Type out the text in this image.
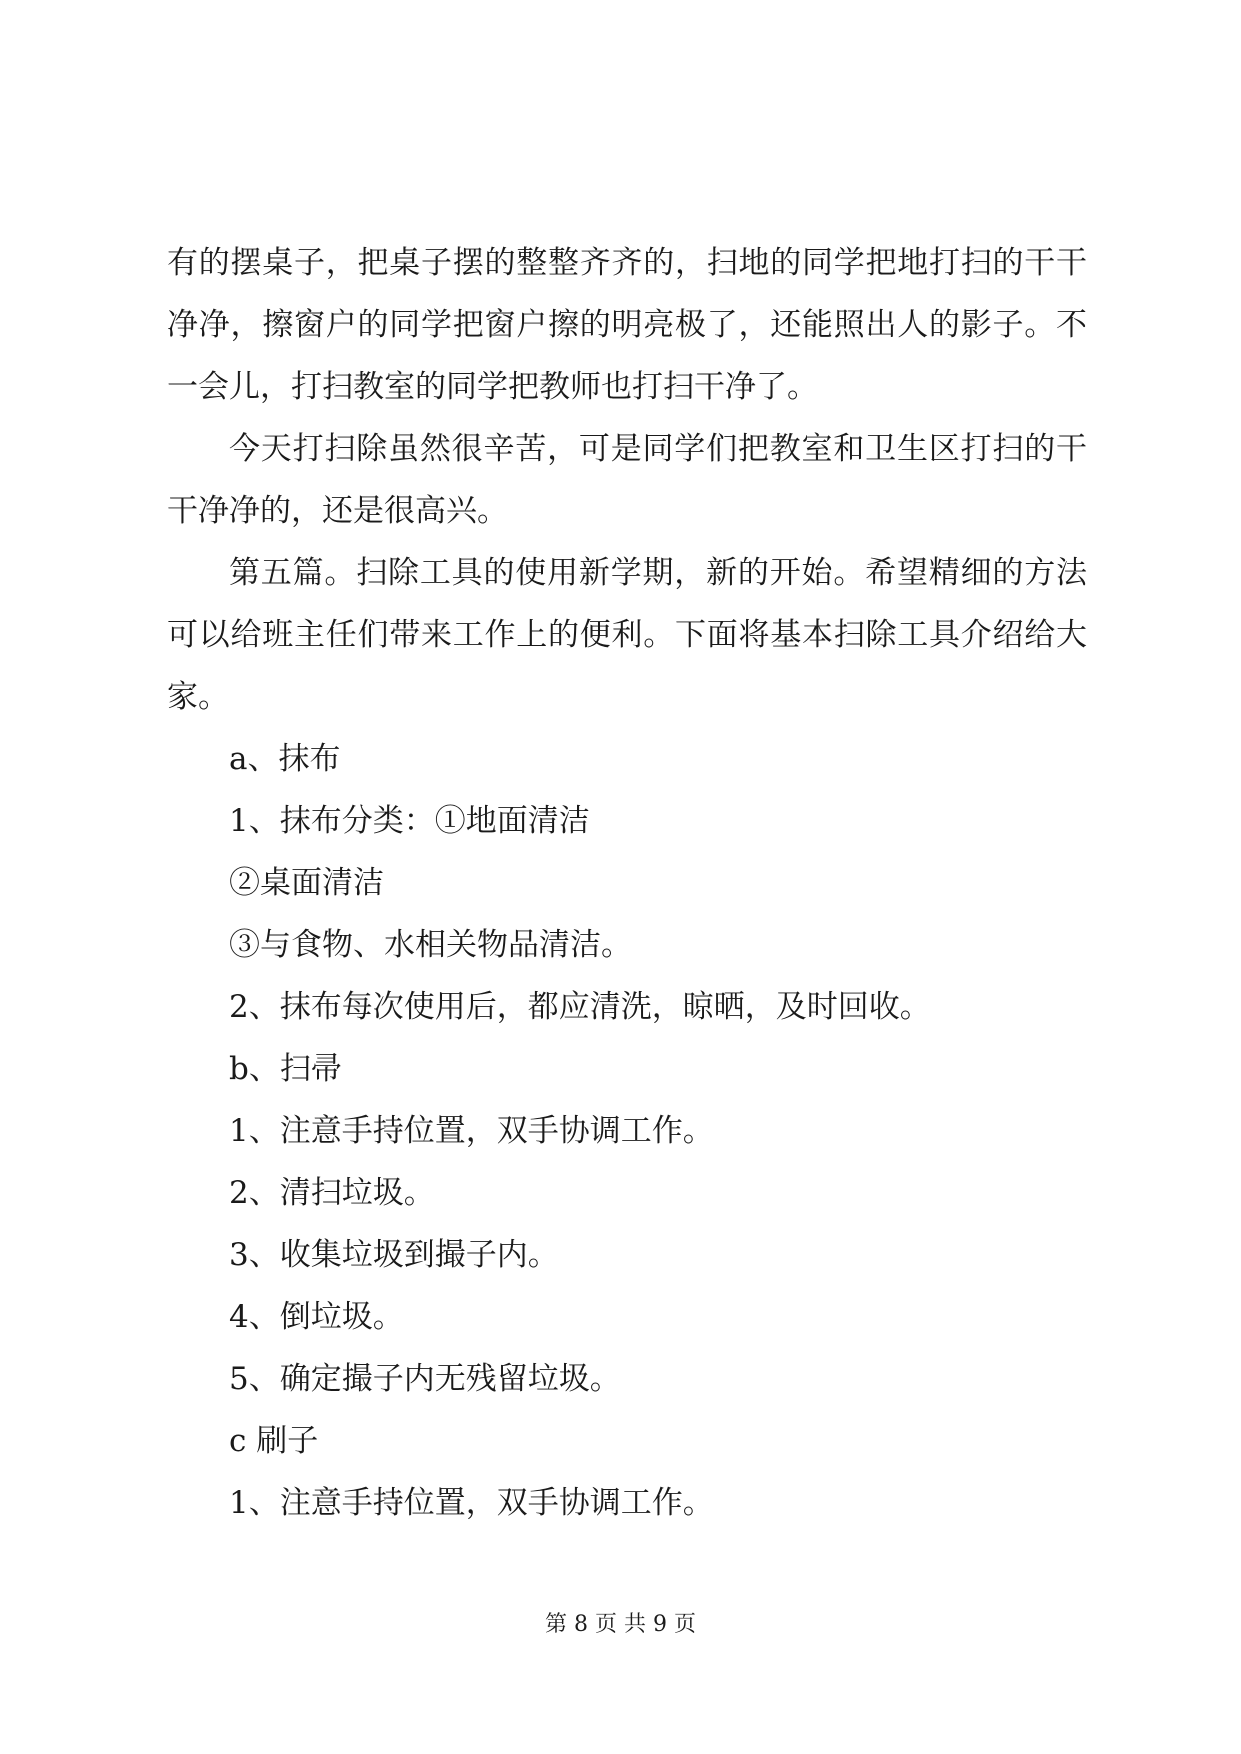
有的摆桌子，把桌子摆的整整齐齐的，扫地的同学把地打扫的干干净净，擦窗户的同学把窗户擦的明亮极了，还能照出人的影子。不一会儿，打扫教室的同学把教师也打扫干净了。

今天打扫除虽然很辛苦，可是同学们把教室和卫生区打扫的干干净净的，还是很高兴。

第五篇。扫除工具的使用新学期，新的开始。希望精细的方法可以给班主任们带来工作上的便利。下面将基本扫除工具介绍给大家。

a、抹布

1、抹布分类：①地面清洁

②桌面清洁

③与食物、水相关物品清洁。

2、抹布每次使用后，都应清洗，晾晒，及时回收。

b、扫帚

1、注意手持位置，双手协调工作。

2、清扫垃圾。

3、收集垃圾到撮子内。

4、倒垃圾。

5、确定撮子内无残留垃圾。

c 刷子

1、注意手持位置，双手协调工作。

第 8 页 共 9 页
